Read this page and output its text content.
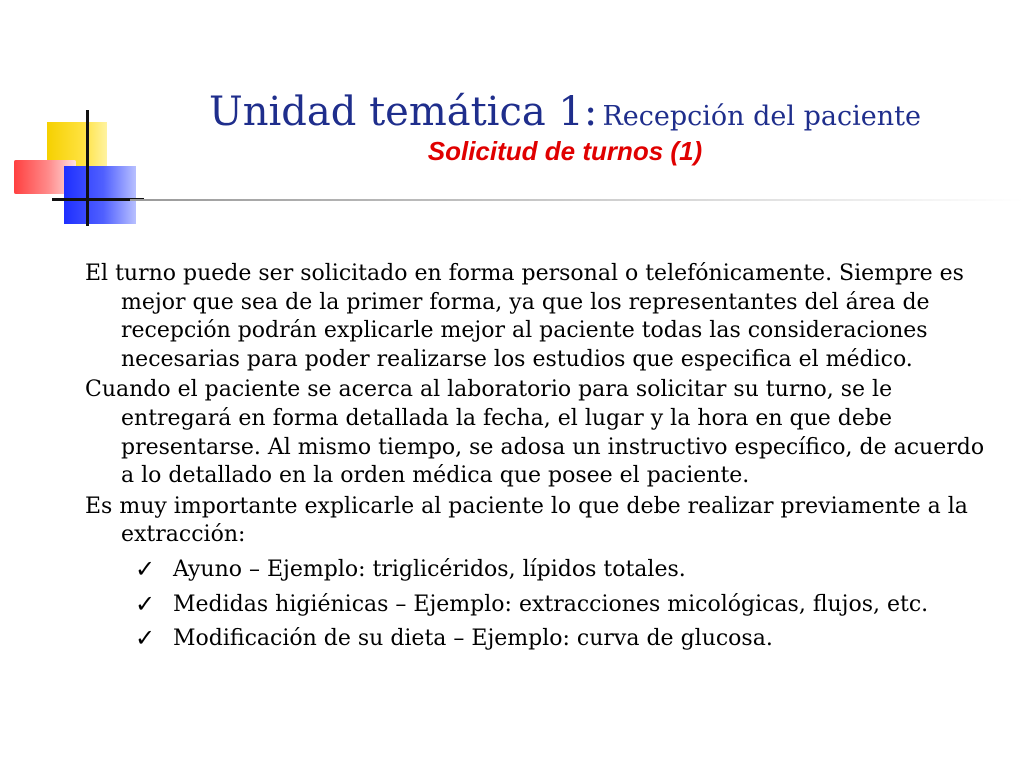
Unidad temática 1: Recepción del paciente
Solicitud de turnos (1)

El turno puede ser solicitado en forma personal o telefónicamente. Siempre es mejor que sea de la primer forma, ya que los representantes del área de recepción podrán explicarle mejor al paciente todas las consideraciones necesarias para poder realizarse los estudios que especifica el médico.

Cuando el paciente se acerca al laboratorio para solicitar su turno, se le entregará en forma detallada la fecha, el lugar y la hora en que debe presentarse. Al mismo tiempo, se adosa un instructivo específico, de acuerdo a lo detallado en la orden médica que posee el paciente.

Es muy importante explicarle al paciente lo que debe realizar previamente a la extracción:

✓ Ayuno – Ejemplo: triglicéridos, lípidos totales.
✓ Medidas higiénicas – Ejemplo: extracciones micológicas, flujos, etc.
✓ Modificación de su dieta – Ejemplo: curva de glucosa.
